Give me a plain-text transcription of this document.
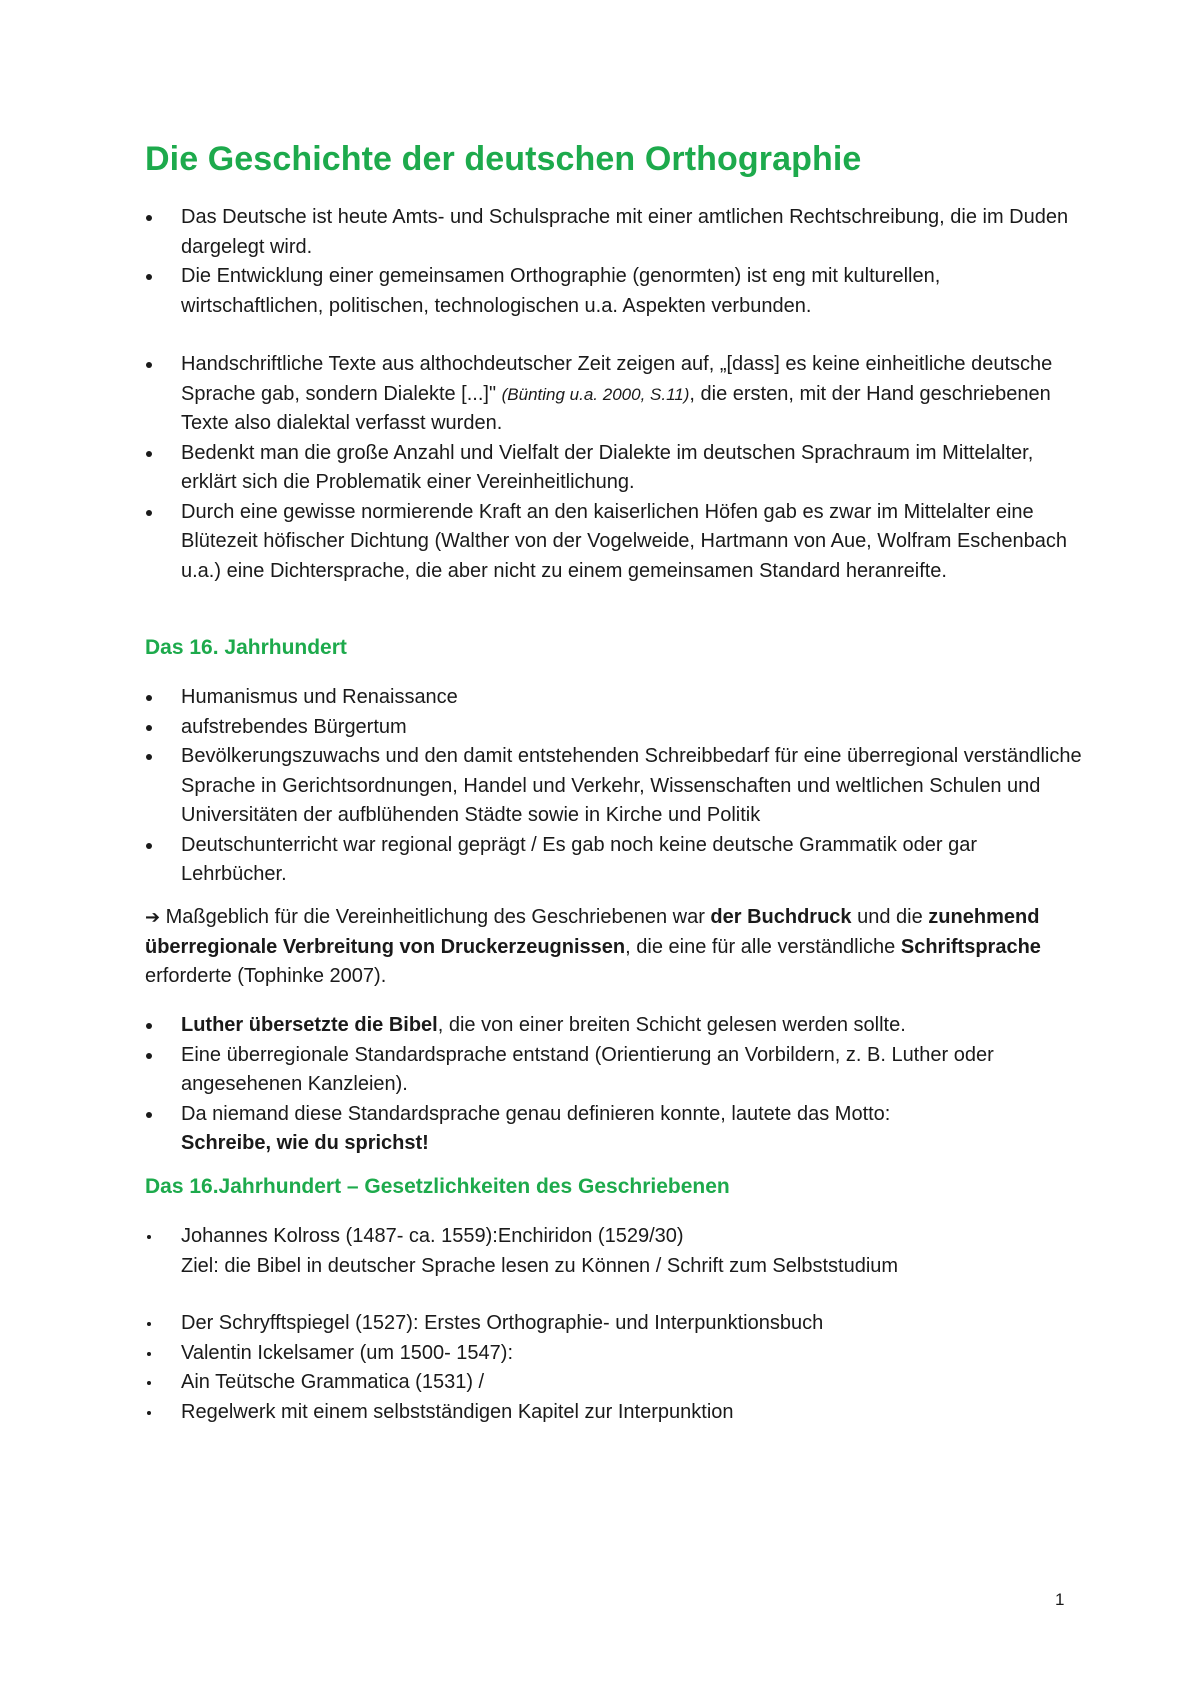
Die Geschichte der deutschen Orthographie
Das Deutsche ist heute Amts- und Schulsprache mit einer amtlichen Rechtschreibung, die im Duden dargelegt wird.
Die Entwicklung einer gemeinsamen Orthographie (genormten) ist eng mit kulturellen, wirtschaftlichen, politischen, technologischen u.a. Aspekten verbunden.
Handschriftliche Texte aus althochdeutscher Zeit zeigen auf, „[dass] es keine einheitliche deutsche Sprache gab, sondern Dialekte [...]" (Bünting u.a. 2000, S.11), die ersten, mit der Hand geschriebenen Texte also dialektal verfasst wurden.
Bedenkt man die große Anzahl und Vielfalt der Dialekte im deutschen Sprachraum im Mittelalter, erklärt sich die Problematik einer Vereinheitlichung.
Durch eine gewisse normierende Kraft an den kaiserlichen Höfen gab es zwar im Mittelalter eine Blütezeit höfischer Dichtung (Walther von der Vogelweide, Hartmann von Aue, Wolfram Eschenbach u.a.) eine Dichtersprache, die aber nicht zu einem gemeinsamen Standard heranreifte.
Das 16. Jahrhundert
Humanismus und Renaissance
aufstrebendes Bürgertum
Bevölkerungszuwachs und den damit entstehenden Schreibbedarf für eine überregional verständliche Sprache in Gerichtsordnungen, Handel und Verkehr, Wissenschaften und weltlichen Schulen und Universitäten der aufblühenden Städte sowie in Kirche und Politik
Deutschunterricht war regional geprägt / Es gab noch keine deutsche Grammatik oder gar Lehrbücher.

➔ Maßgeblich für die Vereinheitlichung des Geschriebenen war der Buchdruck und die zunehmend überregionale Verbreitung von Druckerzeugnissen, die eine für alle verständliche Schriftsprache erforderte (Tophinke 2007).

Luther übersetzte die Bibel, die von einer breiten Schicht gelesen werden sollte.
Eine überregionale Standardsprache entstand (Orientierung an Vorbildern, z. B. Luther oder angesehenen Kanzleien).
Da niemand diese Standardsprache genau definieren konnte, lautete das Motto:
Schreibe, wie du sprichst!
Das 16.Jahrhundert – Gesetzlichkeiten des Geschriebenen
Johannes Kolross (1487- ca. 1559):Enchiridon (1529/30)
Ziel: die Bibel in deutscher Sprache lesen zu Können / Schrift zum Selbststudium
Der Schryfftspiegel (1527): Erstes Orthographie- und Interpunktionsbuch
Valentin Ickelsamer (um 1500- 1547):
Ain Teütsche Grammatica (1531) /
Regelwerk mit einem selbstständigen Kapitel zur Interpunktion
1
